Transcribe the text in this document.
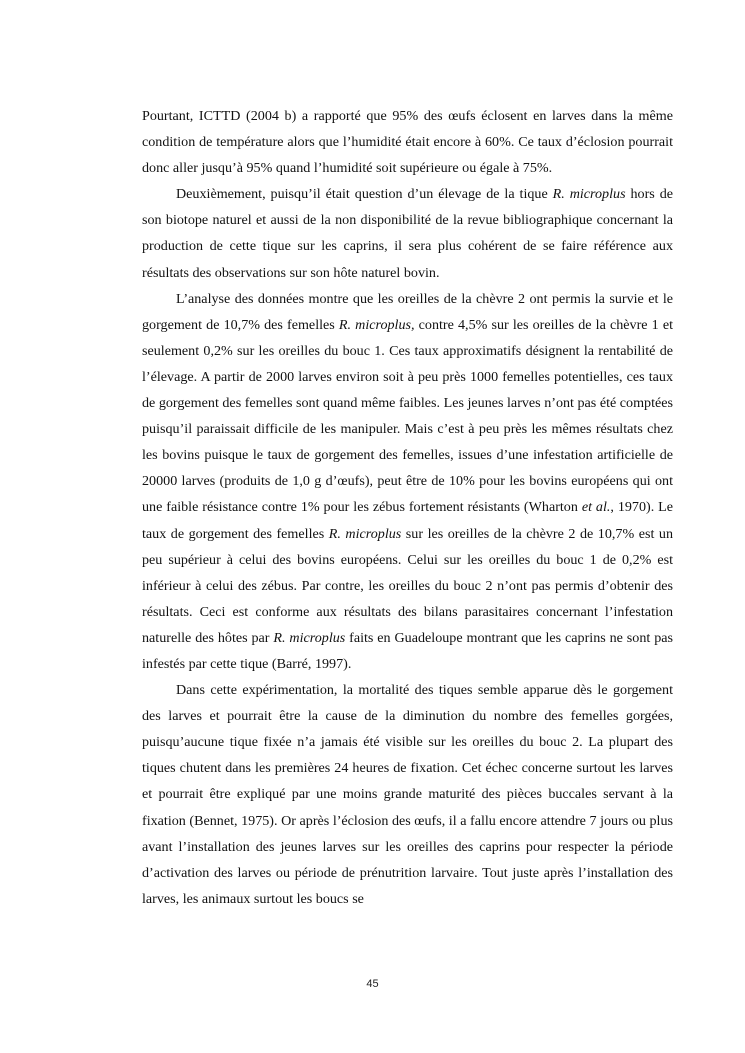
Pourtant, ICTTD (2004 b) a rapporté que 95% des œufs éclosent en larves dans la même condition de température alors que l’humidité était encore à 60%. Ce taux d’éclosion pourrait donc aller jusqu’à 95% quand l’humidité soit supérieure ou égale à 75%.

Deuxièmement, puisqu’il était question d’un élevage de la tique R. microplus hors de son biotope naturel et aussi de la non disponibilité de la revue bibliographique concernant la production de cette tique sur les caprins, il sera plus cohérent de se faire référence aux résultats des observations sur son hôte naturel bovin.

L’analyse des données montre que les oreilles de la chèvre 2 ont permis la survie et le gorgement de 10,7% des femelles R. microplus, contre 4,5% sur les oreilles de la chèvre 1 et seulement 0,2% sur les oreilles du bouc 1. Ces taux approximatifs désignent la rentabilité de l’élevage. A partir de 2000 larves environ soit à peu près 1000 femelles potentielles, ces taux de gorgement des femelles sont quand même faibles. Les jeunes larves n’ont pas été comptées puisqu’il paraissait difficile de les manipuler. Mais c’est à peu près les mêmes résultats chez les bovins puisque le taux de gorgement des femelles, issues d’une infestation artificielle de 20000 larves (produits de 1,0 g d’œufs), peut être de 10% pour les bovins européens qui ont une faible résistance contre 1% pour les zébus fortement résistants (Wharton et al., 1970). Le taux de gorgement des femelles R. microplus sur les oreilles de la chèvre 2 de 10,7% est un peu supérieur à celui des bovins européens. Celui sur les oreilles du bouc 1 de 0,2% est inférieur à celui des zébus. Par contre, les oreilles du bouc 2 n’ont pas permis d’obtenir des résultats. Ceci est conforme aux résultats des bilans parasitaires concernant l’infestation naturelle des hôtes par R. microplus faits en Guadeloupe montrant que les caprins ne sont pas infestés par cette tique (Barré, 1997).

Dans cette expérimentation, la mortalité des tiques semble apparue dès le gorgement des larves et pourrait être la cause de la diminution du nombre des femelles gorgées, puisqu’aucune tique fixée n’a jamais été visible sur les oreilles du bouc 2. La plupart des tiques chutent dans les premières 24 heures de fixation. Cet échec concerne surtout les larves et pourrait être expliqué par une moins grande maturité des pièces buccales servant à la fixation (Bennet, 1975). Or après l’éclosion des œufs, il a fallu encore attendre 7 jours ou plus avant l’installation des jeunes larves sur les oreilles des caprins pour respecter la période d’activation des larves ou période de prénutrition larvaire. Tout juste après l’installation des larves, les animaux surtout les boucs se

45
